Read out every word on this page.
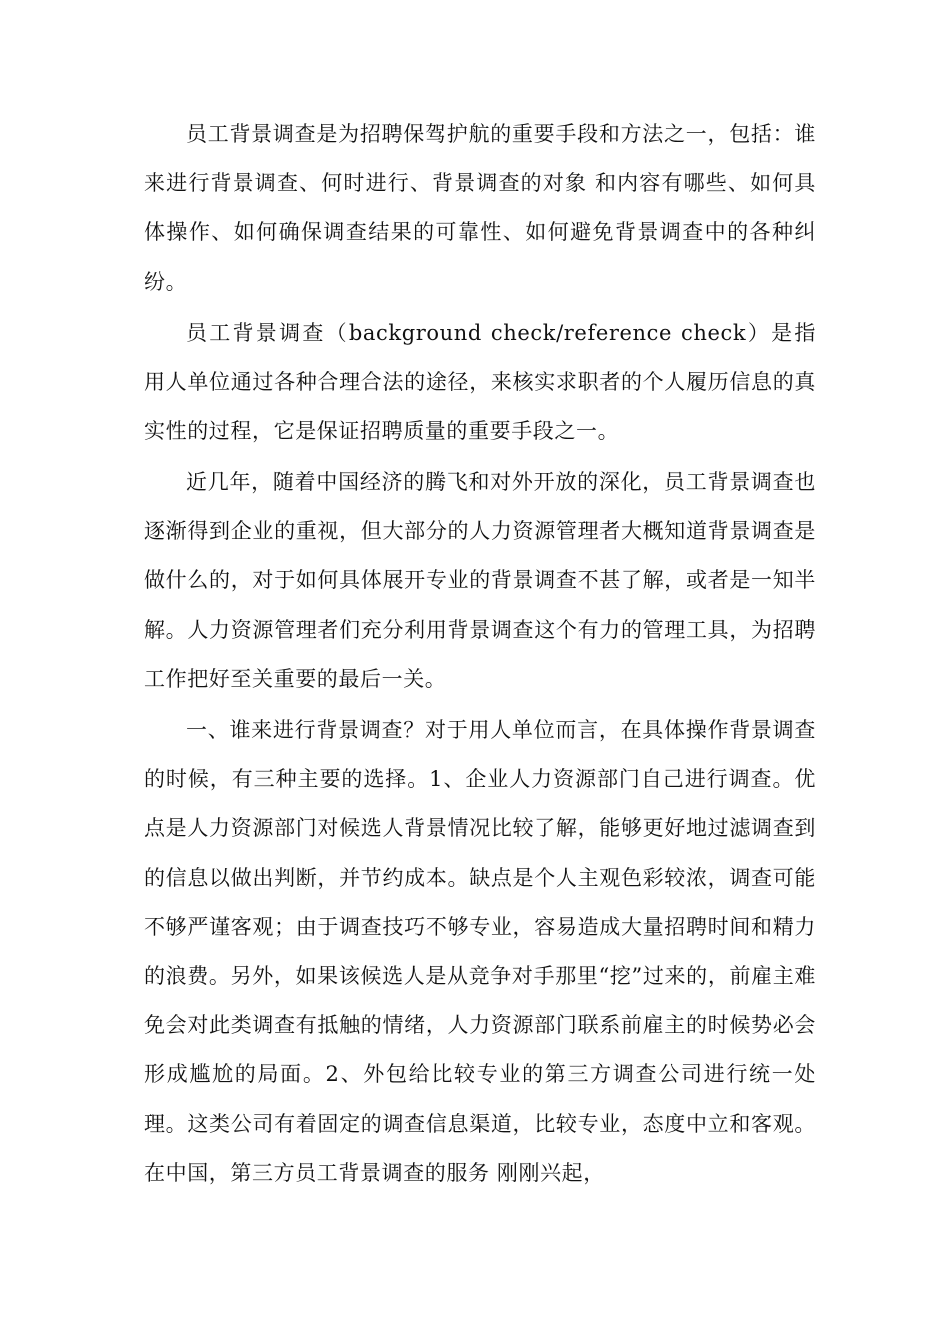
员工背景调查是为招聘保驾护航的重要手段和方法之一，包括：谁来进行背景调查、何时进行、背景调查的对象 和内容有哪些、如何具体操作、如何确保调查结果的可靠性、如何避免背景调查中的各种纠纷。

员工背景调查（background check/reference check）是指用人单位通过各种合理合法的途径，来核实求职者的个人履历信息的真实性的过程，它是保证招聘质量的重要手段之一。

近几年，随着中国经济的腾飞和对外开放的深化，员工背景调查也逐渐得到企业的重视，但大部分的人力资源管理者大概知道背景调查是做什么的，对于如何具体展开专业的背景调查不甚了解，或者是一知半解。人力资源管理者们充分利用背景调查这个有力的管理工具，为招聘工作把好至关重要的最后一关。

一、谁来进行背景调查？对于用人单位而言，在具体操作背景调查的时候，有三种主要的选择。1、企业人力资源部门自己进行调查。优点是人力资源部门对候选人背景情况比较了解，能够更好地过滤调查到的信息以做出判断，并节约成本。缺点是个人主观色彩较浓，调查可能不够严谨客观；由于调查技巧不够专业，容易造成大量招聘时间和精力的浪费。另外，如果该候选人是从竞争对手那里“挖”过来的，前雇主难免会对此类调查有抵触的情绪，人力资源部门联系前雇主的时候势必会形成尴尬的局面。2、外包给比较专业的第三方调查公司进行统一处理。这类公司有着固定的调查信息渠道，比较专业，态度中立和客观。在中国，第三方员工背景调查的服务 刚刚兴起，
